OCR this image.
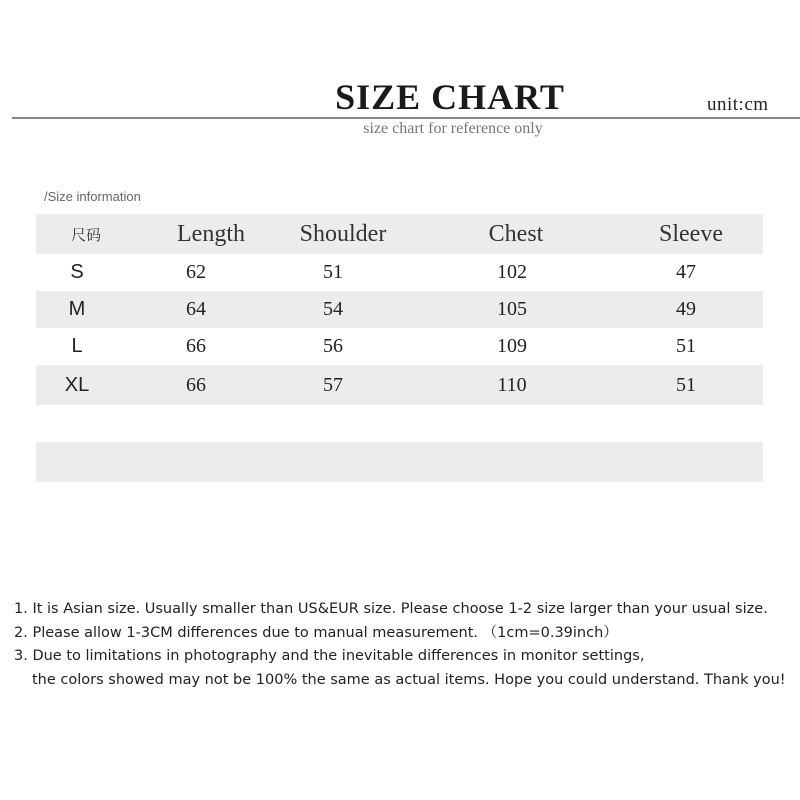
SIZE CHART	unit:cm
size chart for reference only
/Size information
尺码	Length	Shoulder	Chest	Sleeve
S	62	51	102	47
M	64	54	105	49
L	66	56	109	51
XL	66	57	110	51
1. It is Asian size. Usually smaller than US&EUR size. Please choose 1-2 size larger than your usual size.
2. Please allow 1-3CM differences due to manual measurement. （1cm=0.39inch）
3. Due to limitations in photography and the inevitable differences in monitor settings,
the colors showed may not be 100% the same as actual items. Hope you could understand. Thank you!
